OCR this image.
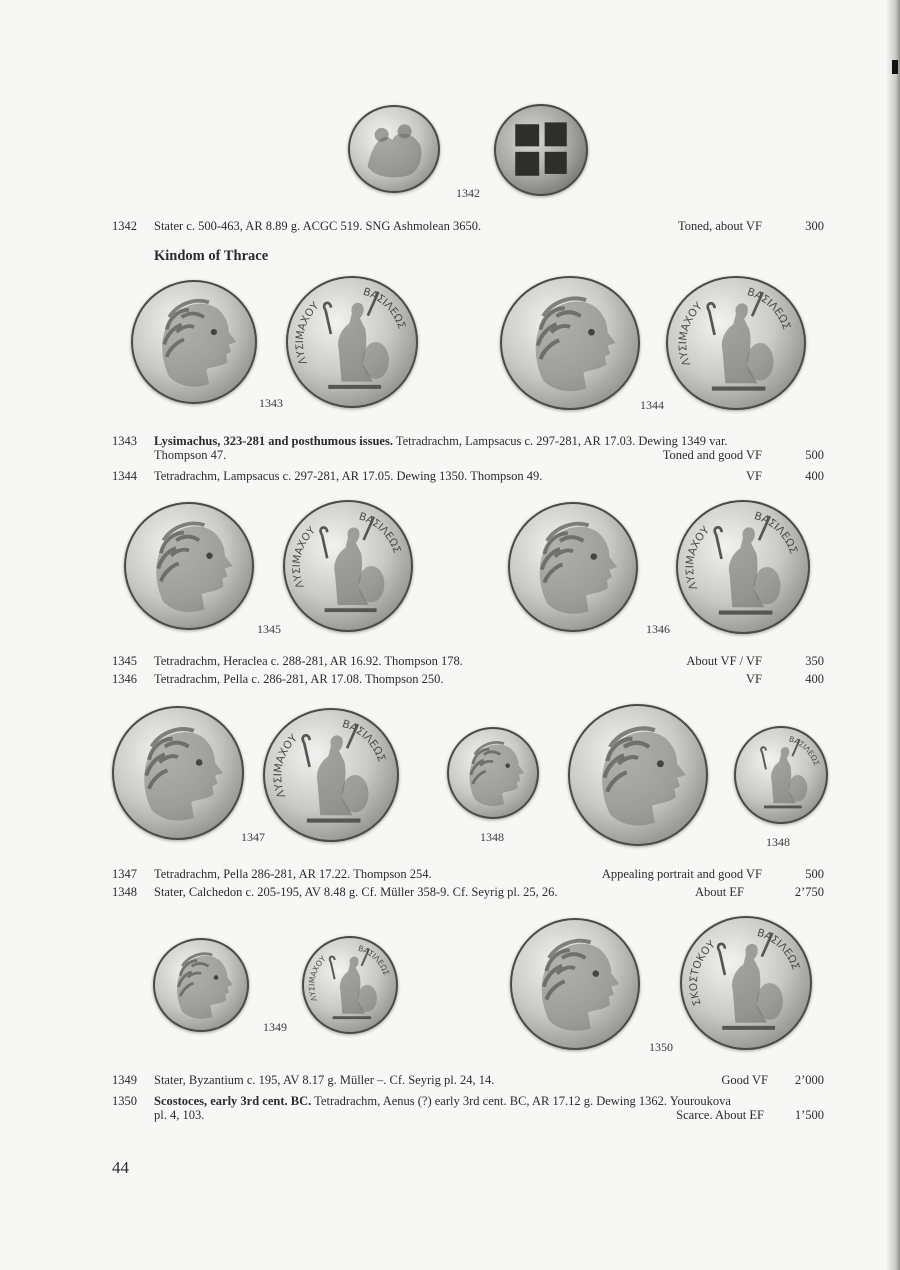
1342
1342 Stater c. 500-463, AR 8.89 g. ACGC 519. SNG Ashmolean 3650.	Toned, about VF	300
Kindom of Thrace
ΒΑΣΙΛΕΩΣ
ΛΥΣΙΜΑΧΟΥ
1343
ΒΑΣΙΛΕΩΣ
ΛΥΣΙΜΑΧΟΥ
1344
1343 Lysimachus, 323-281 and posthumous issues. Tetradrachm, Lampsacus c. 297-281, AR 17.03. Dewing 1349 var.
Thompson 47.	Toned and good VF	500
1344 Tetradrachm, Lampsacus c. 297-281, AR 17.05. Dewing 1350. Thompson 49.	VF	400
ΒΑΣΙΛΕΩΣ
ΛΥΣΙΜΑΧΟΥ
1345
ΒΑΣΙΛΕΩΣ
ΛΥΣΙΜΑΧΟΥ
1346
1345 Tetradrachm, Heraclea c. 288-281, AR 16.92. Thompson 178.	About VF / VF	350
1346 Tetradrachm, Pella c. 286-281, AR 17.08. Thompson 250.	VF	400
ΒΑΣΙΛΕΩΣ
ΛΥΣΙΜΑΧΟΥ
1347	1348
ΒΑΣΙΛΕΩΣ
1348
1347 Tetradrachm, Pella 286-281, AR 17.22. Thompson 254.	Appealing portrait and good VF	500
1348 Stater, Calchedon c. 205-195, AV 8.48 g. Cf. Müller 358-9. Cf. Seyrig pl. 25, 26.	About EF	2’750
ΒΑΣΙΛΕΩΣ
ΛΥΣΙΜΑΧΟΥ
1349
ΒΑΣΙΛΕΩΣ
ΣΚΟΣΤΟΚΟΥ
1350
1349 Stater, Byzantium c. 195, AV 8.17 g. Müller –. Cf. Seyrig pl. 24, 14.	Good VF 2’000
1350 Scostoces, early 3rd cent. BC. Tetradrachm, Aenus (?) early 3rd cent. BC, AR 17.12 g. Dewing 1362. Youroukova
pl. 4, 103.	Scarce. About EF 1’500
44
